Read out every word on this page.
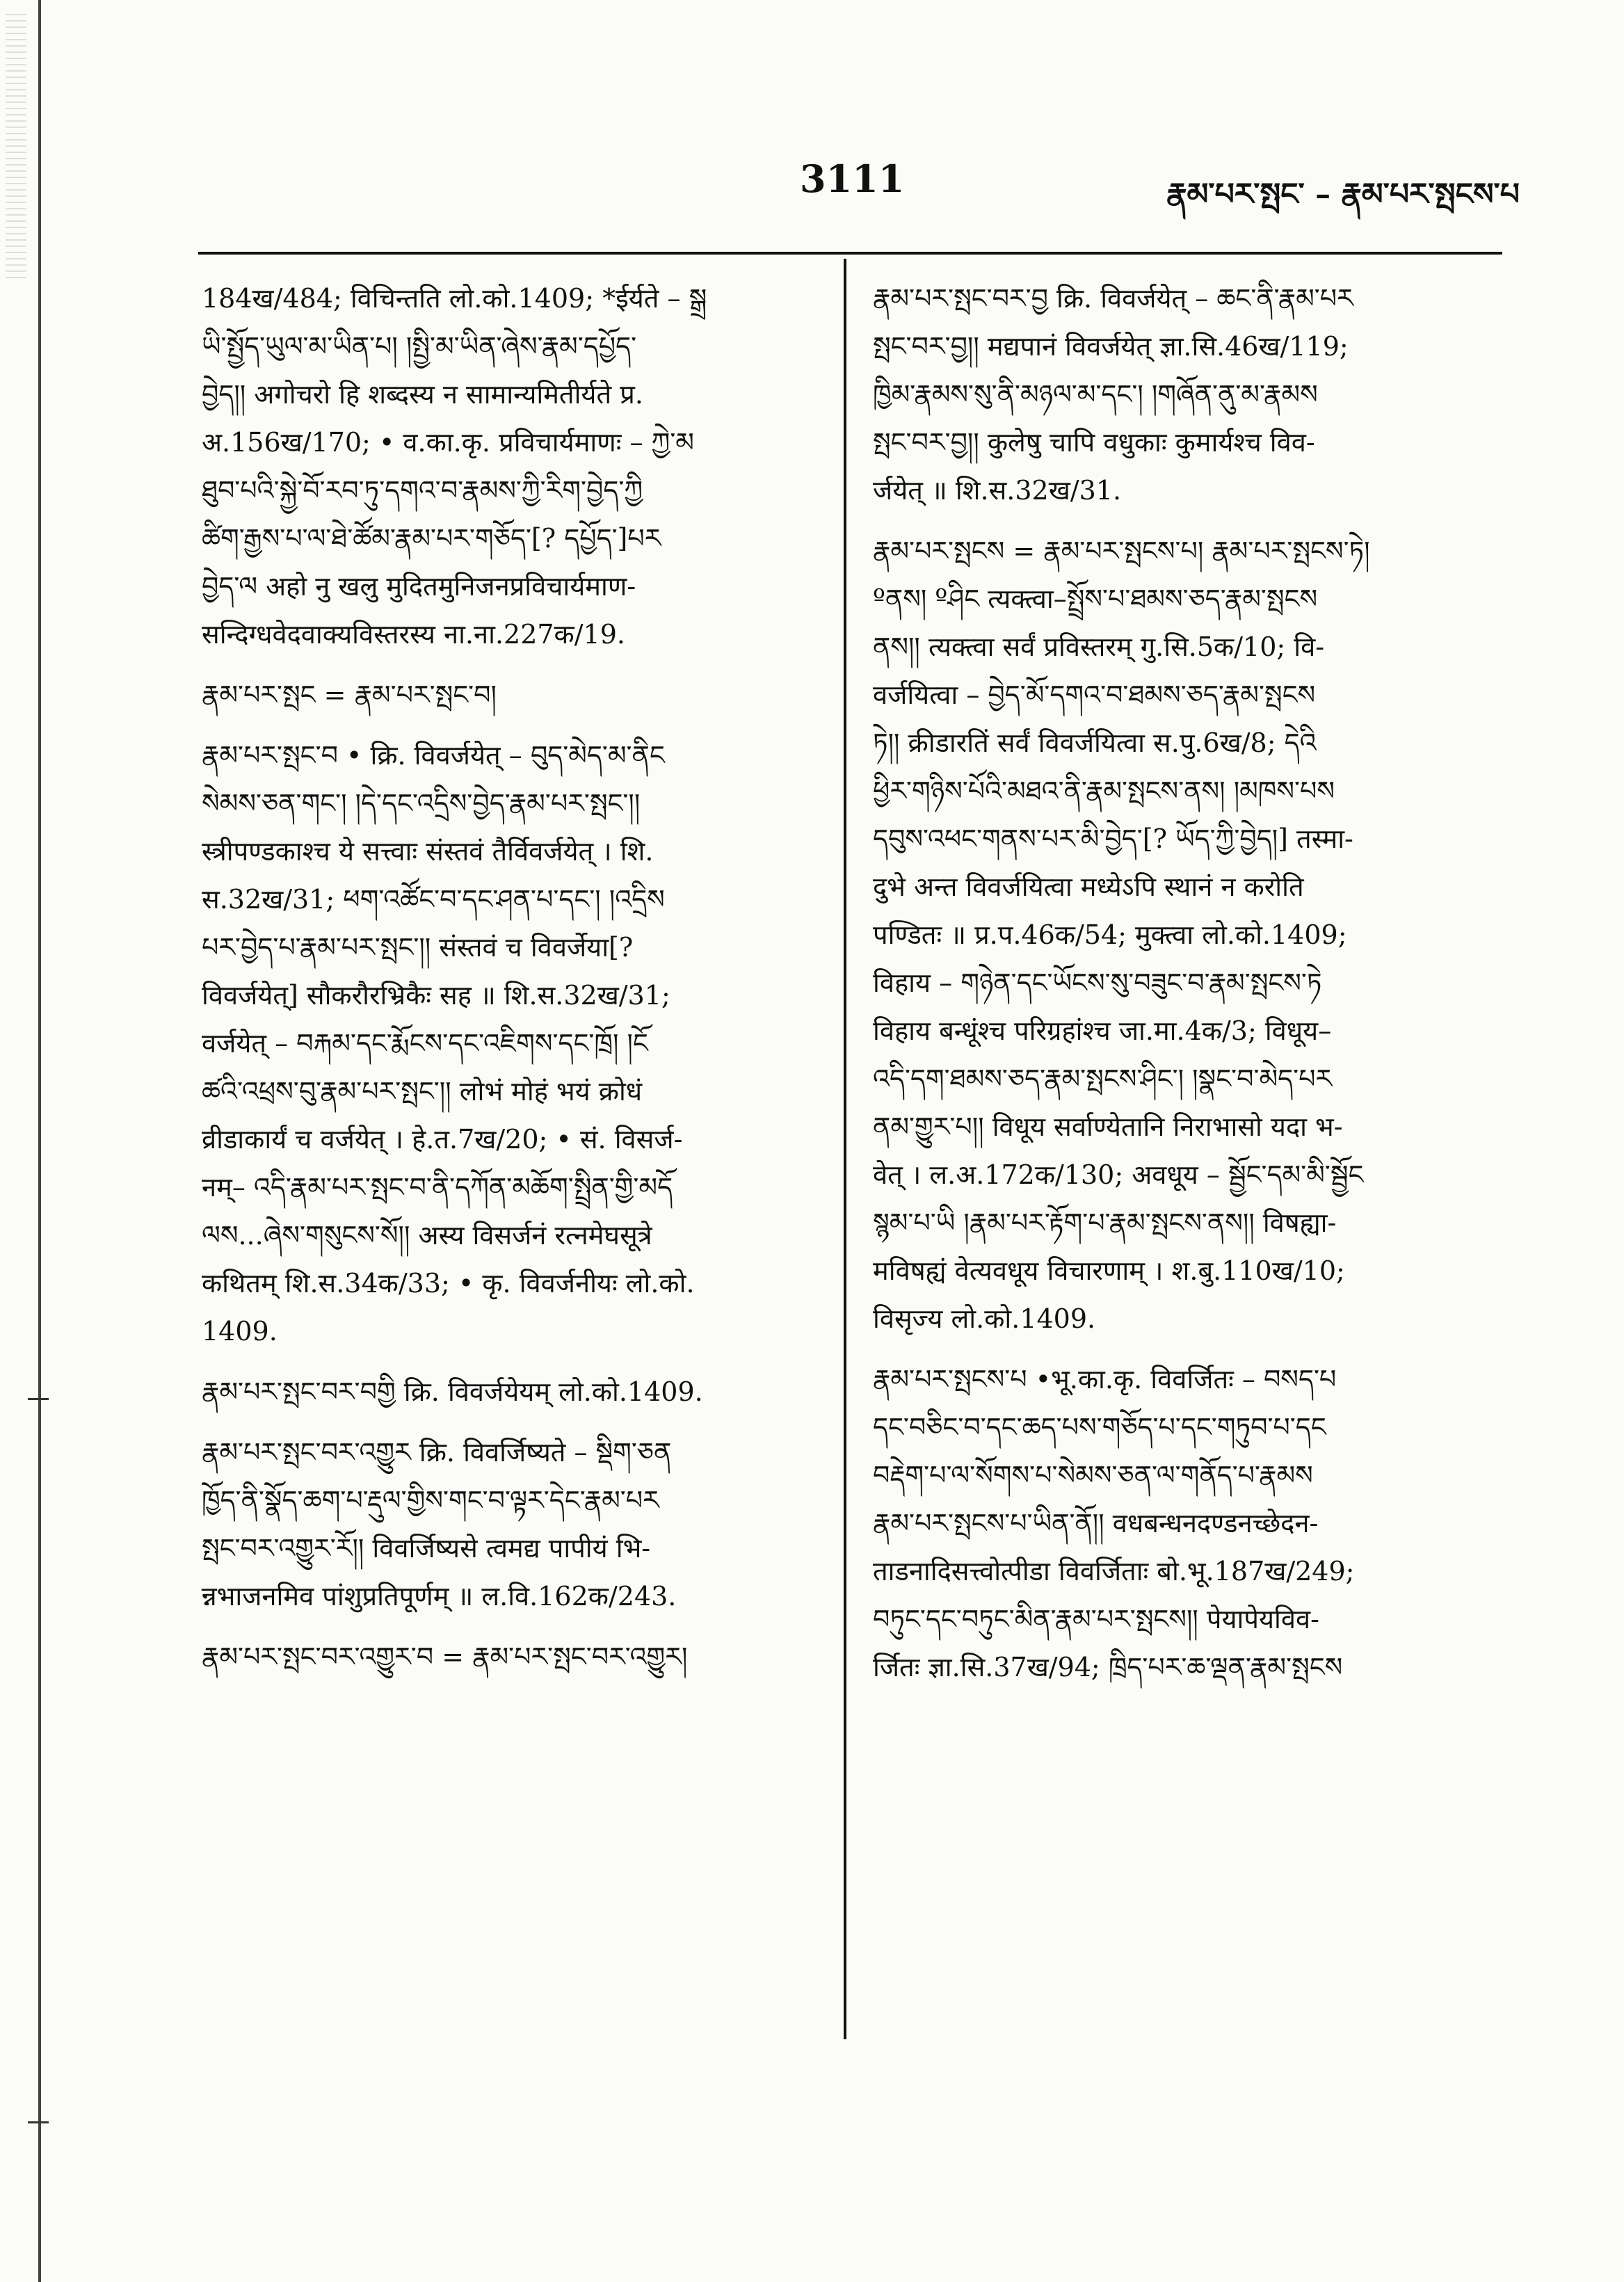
3111	རྣམ་པར་སྤང་ – རྣམ་པར་སྤངས་པ

184ख/484; विचिन्तति लो.को.1409; *ईर्यते – སྒྲ
ཡི་སྤྱོད་ཡུལ་མ་ཡིན་པ། །སྤྱི་མ་ཡིན་ཞེས་རྣམ་དཔྱོད་
བྱེད།། अगोचरो हि शब्दस्य न सामान्यमितीर्यते प्र.
अ.156ख/170; • व.का.कृ. प्रविचार्यमाणः – ཀྱེ་མ
ཐུབ་པའི་སྐྱེ་བོ་རབ་ཏུ་དགའ་བ་རྣམས་ཀྱི་རིག་བྱེད་ཀྱི
ཚིག་རྒྱས་པ་ལ་ཐེ་ཚོམ་རྣམ་པར་གཅོད་[? དཔྱོད་]པར
བྱེད་ལ अहो नु खलु मुदितमुनिजनप्रविचार्यमाण-
सन्दिग्धवेदवाक्यविस्तरस्य ना.ना.227क/19.

རྣམ་པར་སྤང = རྣམ་པར་སྤང་བ།

རྣམ་པར་སྤང་བ • क्रि. विवर्जयेत् – བུད་མེད་མ་ནིང
སེམས་ཅན་གང་། །དེ་དང་འདྲིས་བྱེད་རྣམ་པར་སྤང་།།
स्त्रीपण्डकाश्च ये सत्त्वाः संस्तवं तैर्विवर्जयेत् । शि.
स.32ख/31; ཕག་འཚོང་བ་དང་ཤན་པ་དང་། །འདྲིས
པར་བྱེད་པ་རྣམ་པར་སྤང་།། संस्तवं च विवर्जेया[?
विवर्जयेत्] सौकरौरभ्रिकैः सह ॥ शि.स.32ख/31;
वर्जयेत् – བརྐམ་དང་རྨོངས་དང་འཇིགས་དང་ཁྲོ། །ངོ
ཚའི་འཕྲས་བུ་རྣམ་པར་སྤང་།། लोभं मोहं भयं क्रोधं
व्रीडाकार्यं च वर्जयेत् । हे.त.7ख/20; • सं. विसर्ज-
नम्– འདི་རྣམ་པར་སྤང་བ་ནི་དཀོན་མཆོག་སྤྲིན་གྱི་མདོ
ལས...ཞེས་གསུངས་སོ།། अस्य विसर्जनं रत्नमेघसूत्रे
कथितम् शि.स.34क/33; • कृ. विवर्जनीयः लो.को.
1409.

རྣམ་པར་སྤང་བར་བགྱི क्रि. विवर्जयेयम् लो.को.1409.

རྣམ་པར་སྤང་བར་འགྱུར क्रि. विवर्जिष्यते – སྡིག་ཅན
ཁྱོད་ནི་སྣོད་ཆག་པ་རྡུལ་གྱིས་གང་བ་ལྟར་དེང་རྣམ་པར
སྤང་བར་འགྱུར་རོ།། विवर्जिष्यसे त्वमद्य पापीयं भि-
न्नभाजनमिव पांशुप्रतिपूर्णम् ॥ ल.वि.162क/243.

རྣམ་པར་སྤང་བར་འགྱུར་བ = རྣམ་པར་སྤང་བར་འགྱུར།

རྣམ་པར་སྤང་བར་བྱ क्रि. विवर्जयेत् – ཆང་ནི་རྣམ་པར
སྤང་བར་བྱ།། मद्यपानं विवर्जयेत् ज्ञा.सि.46ख/119;
ཁྱིམ་རྣམས་སུ་ནི་མཉལ་མ་དང་། །གཞོན་ནུ་མ་རྣམས
སྤང་བར་བྱ།། कुलेषु चापि वधुकाः कुमार्यश्च विव-
र्जयेत् ॥ शि.स.32ख/31.

རྣམ་པར་སྤངས = རྣམ་པར་སྤངས་པ། རྣམ་པར་སྤངས་ཏེ།
ºནས། ºཤིང त्यक्त्वा–སྤྲོས་པ་ཐམས་ཅད་རྣམ་སྤངས
ནས།། त्यक्त्वा सर्वं प्रविस्तरम् गु.सि.5क/10; वि-
वर्जयित्वा – བྱེད་མོ་དགའ་བ་ཐམས་ཅད་རྣམ་སྤངས
ཏེ།། क्रीडारतिं सर्वं विवर्जयित्वा स.पु.6ख/8; དེའི
ཕྱིར་གཉིས་པོའི་མཐའ་ནི་རྣམ་སྤངས་ནས། །མཁས་པས
དབུས་འཕང་གནས་པར་མི་བྱེད་[? ཡོད་ཀྱི་བྱེད།] तस्मा-
दुभे अन्त विवर्जयित्वा मध्येऽपि स्थानं न करोति
पण्डितः ॥ प्र.प.46क/54; मुक्त्वा लो.को.1409;
विहाय – གཉེན་དང་ཡོངས་སུ་བཟུང་བ་རྣམ་སྤངས་ཏེ
विहाय बन्धूंश्च परिग्रहांश्च जा.मा.4क/3; विधूय–
འདི་དག་ཐམས་ཅད་རྣམ་སྤངས་ཤིང་། །སྣང་བ་མེད་པར
ནམ་གྱུར་པ།། विधूय सर्वाण्येतानि निराभासो यदा भ-
वेत् । ल.अ.172क/130; अवधूय – སྦྱོང་དམ་མི་སྦྱོང
སྙམ་པ་ཡི །རྣམ་པར་རྟོག་པ་རྣམ་སྤངས་ནས།། विषह्या-
मविषह्यं वेत्यवधूय विचारणाम् । श.बु.110ख/10;
विसृज्य लो.को.1409.

རྣམ་པར་སྤངས་པ •भू.का.कृ. विवर्जितः – བསད་པ
དང་བཅིང་བ་དང་ཆད་པས་གཅོད་པ་དང་གཏུབ་པ་དང
བརྡེག་པ་ལ་སོགས་པ་སེམས་ཅན་ལ་གནོད་པ་རྣམས
རྣམ་པར་སྤངས་པ་ཡིན་ནོ།། वधबन्धनदण्डनच्छेदन-
ताडनादिसत्त्वोत्पीडा विवर्जिताः बो.भू.187ख/249;
བཏུང་དང་བཏུང་མིན་རྣམ་པར་སྤངས།། पेयापेयविव-
र्जितः ज्ञा.सि.37ख/94; ཁྲིད་པར་ཆ་ལྡན་རྣམ་སྤངས
